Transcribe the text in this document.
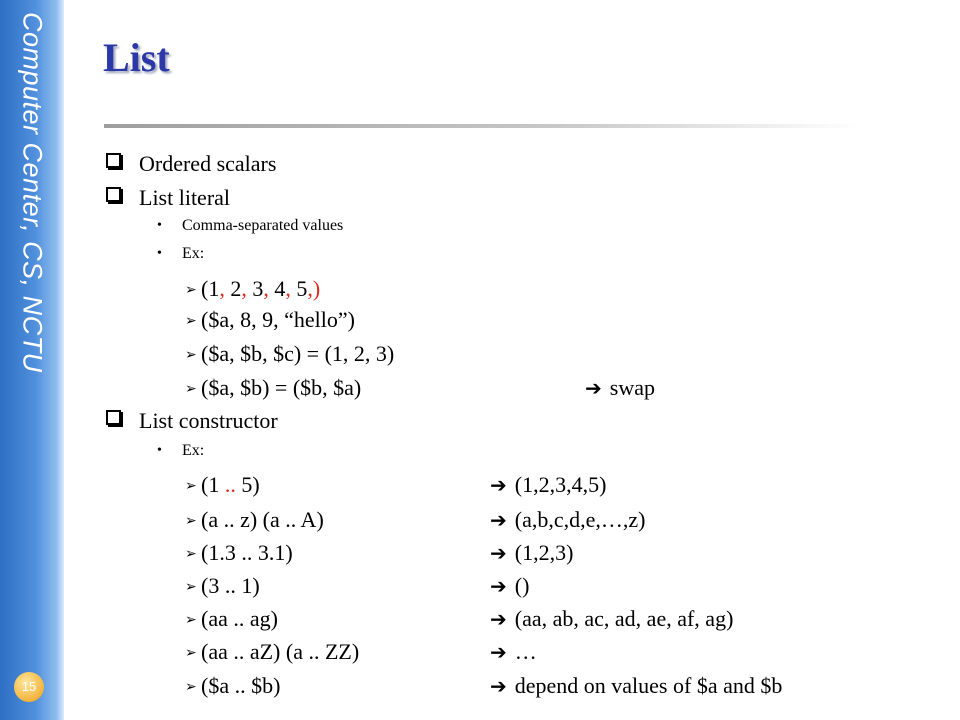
Computer Center, CS, NCTU
15
List
Ordered scalars
List literal
• Comma-separated values
• Ex:
➢ (1, 2, 3, 4, 5,)
➢ ($a, 8, 9, “hello”)
➢ ($a, $b, $c) = (1, 2, 3)
➢ ($a, $b) = ($b, $a)	➔ swap
List constructor
• Ex:
➢ (1 .. 5)	➔ (1,2,3,4,5)
➢ (a .. z) (a .. A)	➔ (a,b,c,d,e,…,z)
➢ (1.3 .. 3.1)	➔ (1,2,3)
➢ (3 .. 1)	➔ ()
➢ (aa .. ag)	➔ (aa, ab, ac, ad, ae, af, ag)
➢ (aa .. aZ) (a .. ZZ)	➔ …
➢ ($a .. $b)	➔ depend on values of $a and $b
